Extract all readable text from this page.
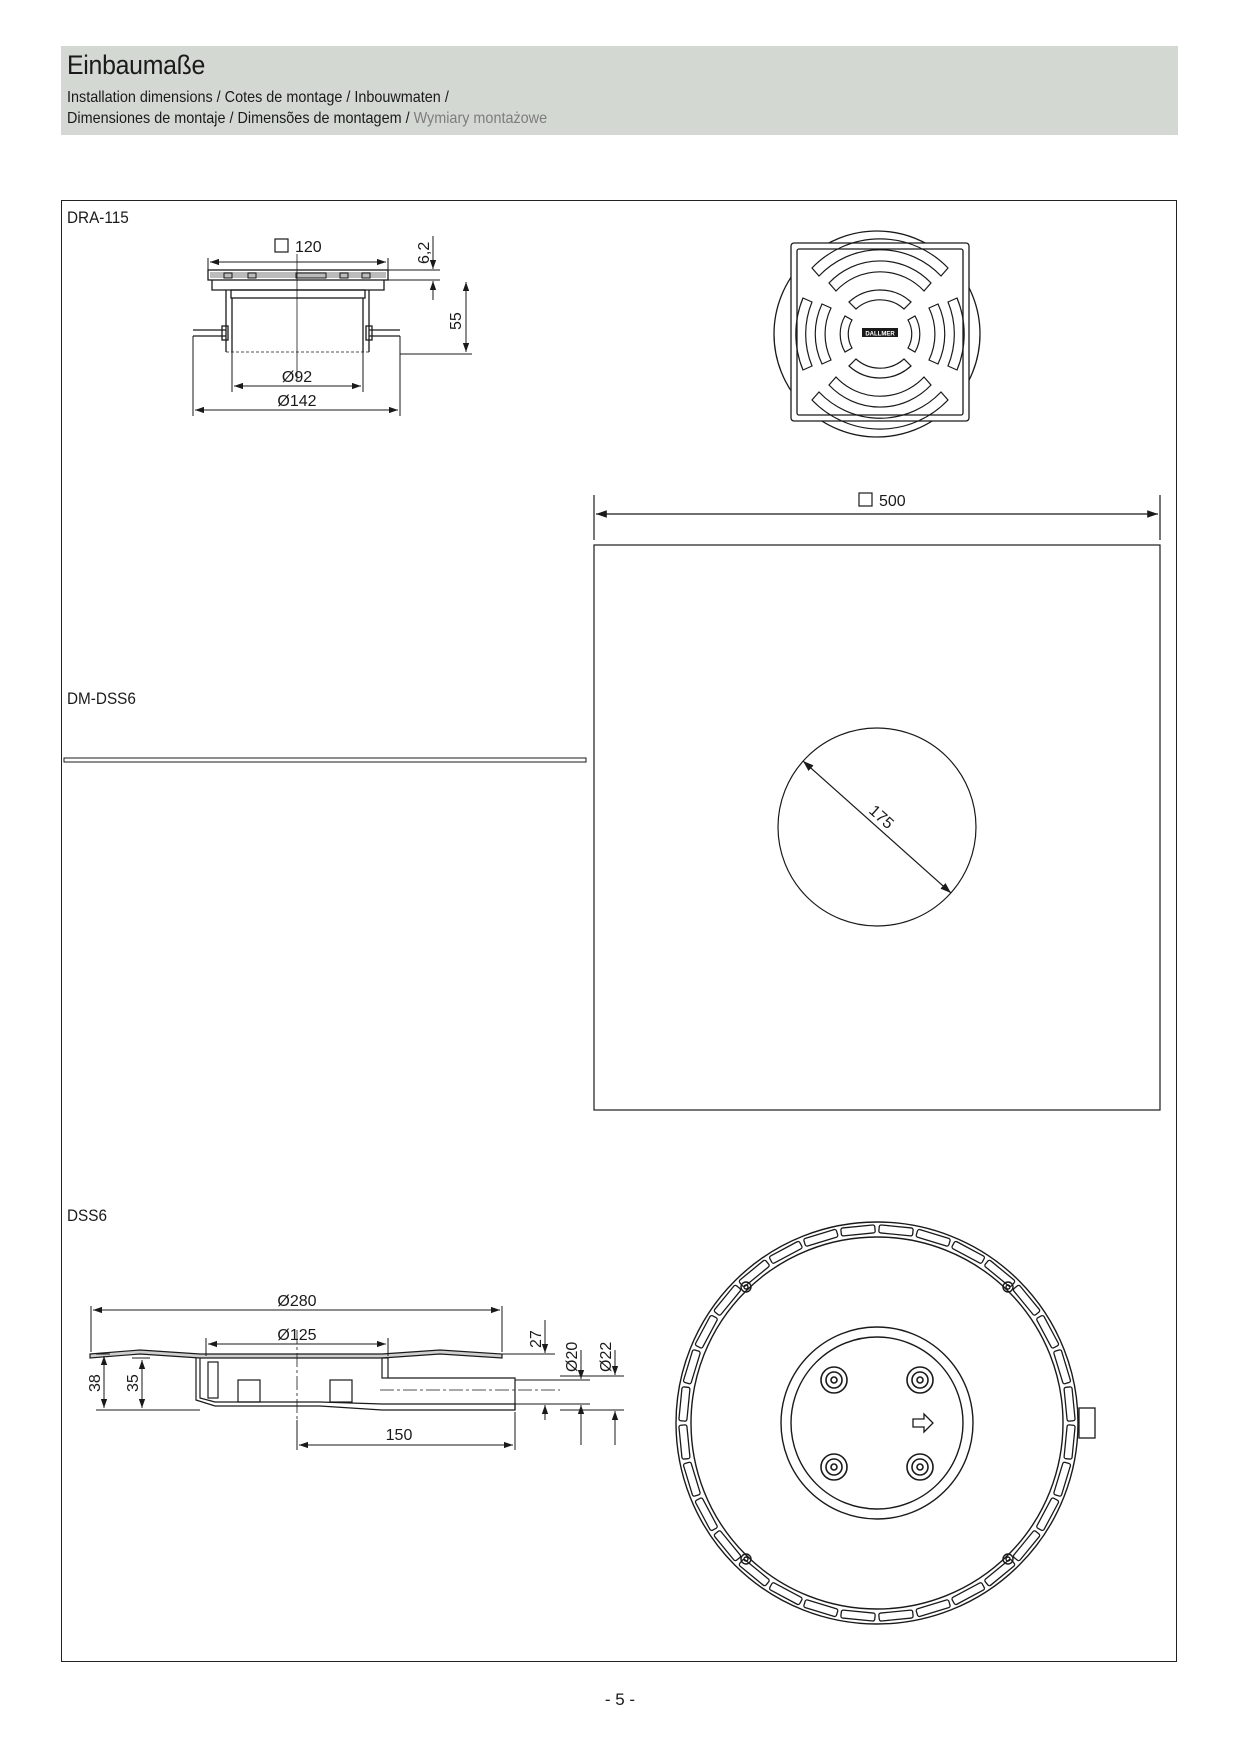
Einbaumaße
Installation dimensions / Cotes de montage / Inbouwmaten /
Dimensiones de montaje / Dimensões de montagem / Wymiary montażowe
DRA-115
DM-DSS6
DSS6
120	6,2
55
Ø92
Ø142
DALLMER
500
175
Ø280
Ø125
38 35
27
Ø20 Ø22
150
- 5 -
